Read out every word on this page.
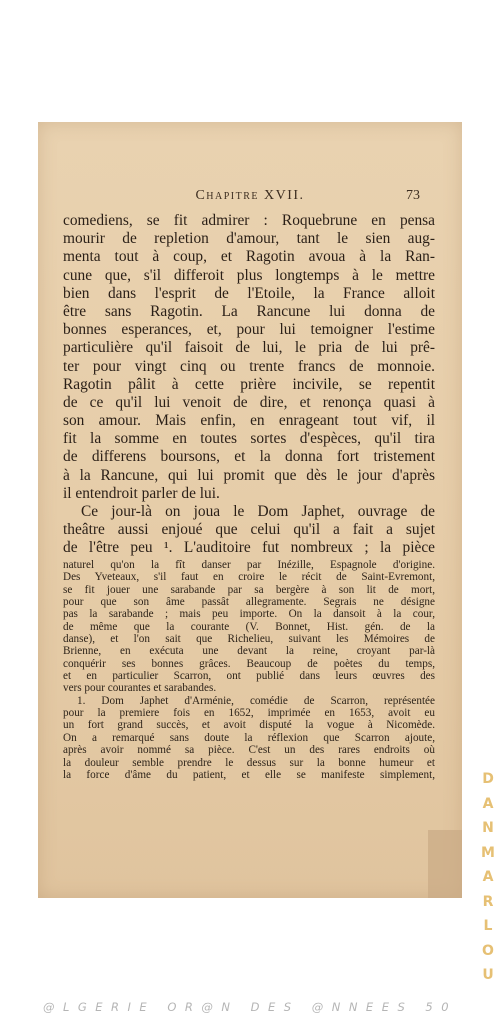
Chapitre XVII.	73
comediens, se fit admirer : Roquebrune en pensa
mourir de repletion d'amour, tant le sien aug-
menta tout à coup, et Ragotin avoua à la Ran-
cune que, s'il differoit plus longtemps à le mettre
bien dans l'esprit de l'Etoile, la France alloit
être sans Ragotin. La Rancune lui donna de
bonnes esperances, et, pour lui temoigner l'estime
particulière qu'il faisoit de lui, le pria de lui prê-
ter pour vingt cinq ou trente francs de monnoie.
Ragotin pâlit à cette prière incivile, se repentit
de ce qu'il lui venoit de dire, et renonça quasi à
son amour. Mais enfin, en enrageant tout vif, il
fit la somme en toutes sortes d'espèces, qu'il tira
de differens boursons, et la donna fort tristement
à la Rancune, qui lui promit que dès le jour d'après
il entendroit parler de lui.
Ce jour-là on joua le Dom Japhet, ouvrage de
theâtre aussi enjoué que celui qu'il a fait a sujet
de l'être peu ¹. L'auditoire fut nombreux ; la pièce
naturel qu'on la fît danser par Inézille, Espagnole d'origine.
Des Yveteaux, s'il faut en croire le récit de Saint-Evremont,
se fit jouer une sarabande par sa bergère à son lit de mort,
pour que son âme passât allegramente. Segrais ne désigne
pas la sarabande ; mais peu importe. On la dansoit à la cour,
de même que la courante (V. Bonnet, Hist. gén. de la
danse), et l'on sait que Richelieu, suivant les Mémoires de
Brienne, en exécuta une devant la reine, croyant par-là
conquérir ses bonnes grâces. Beaucoup de poètes du temps,
et en particulier Scarron, ont publié dans leurs œuvres des
vers pour courantes et sarabandes.
1. Dom Japhet d'Arménie, comédie de Scarron, représentée
pour la premiere fois en 1652, imprimée en 1653, avoit eu
un fort grand succès, et avoit disputé la vogue à Nicomède.
On a remarqué sans doute la réflexion que Scarron ajoute,
après avoir nommé sa pièce. C'est un des rares endroits où
la douleur semble prendre le dessus sur la bonne humeur et
la force d'âme du patient, et elle se manifeste simplement,	D
A
N
M
A
R
L
O
U
@LGERIE OR@N DES @NNEES 50
